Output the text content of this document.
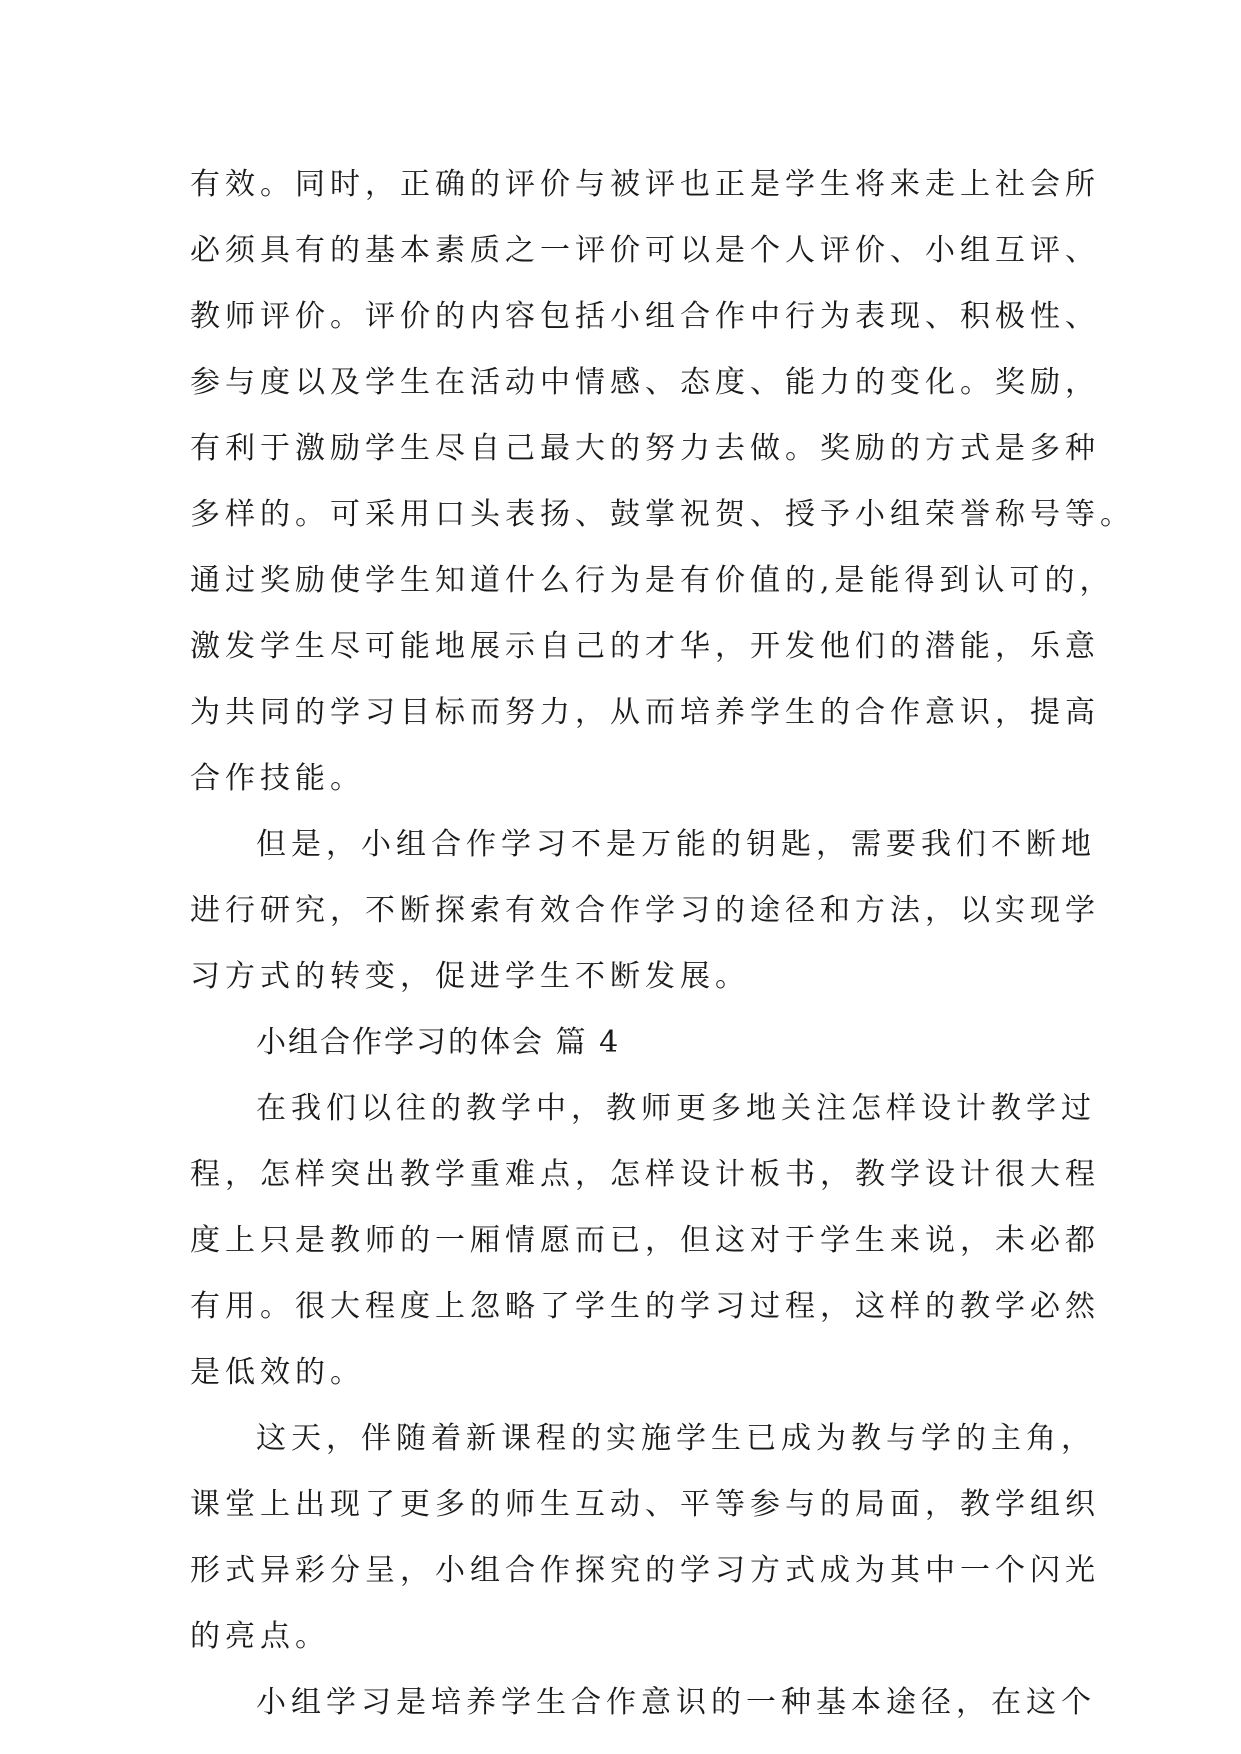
有效。同时，正确的评价与被评也正是学生将来走上社会所
必须具有的基本素质之一评价可以是个人评价、小组互评、
教师评价。评价的内容包括小组合作中行为表现、积极性、
参与度以及学生在活动中情感、态度、能力的变化。奖励，
有利于激励学生尽自己最大的努力去做。奖励的方式是多种
多样的。可采用口头表扬、鼓掌祝贺、授予小组荣誉称号等。
通过奖励使学生知道什么行为是有价值的,是能得到认可的，
激发学生尽可能地展示自己的才华，开发他们的潜能，乐意
为共同的学习目标而努力，从而培养学生的合作意识，提高
合作技能。
但是，小组合作学习不是万能的钥匙，需要我们不断地
进行研究，不断探索有效合作学习的途径和方法，以实现学
习方式的转变，促进学生不断发展。
小组合作学习的体会 篇 4
在我们以往的教学中，教师更多地关注怎样设计教学过
程，怎样突出教学重难点，怎样设计板书，教学设计很大程
度上只是教师的一厢情愿而已，但这对于学生来说，未必都
有用。很大程度上忽略了学生的学习过程，这样的教学必然
是低效的。
这天，伴随着新课程的实施学生已成为教与学的主角，
课堂上出现了更多的师生互动、平等参与的局面，教学组织
形式异彩分呈，小组合作探究的学习方式成为其中一个闪光
的亮点。
小组学习是培养学生合作意识的一种基本途径，在这个
